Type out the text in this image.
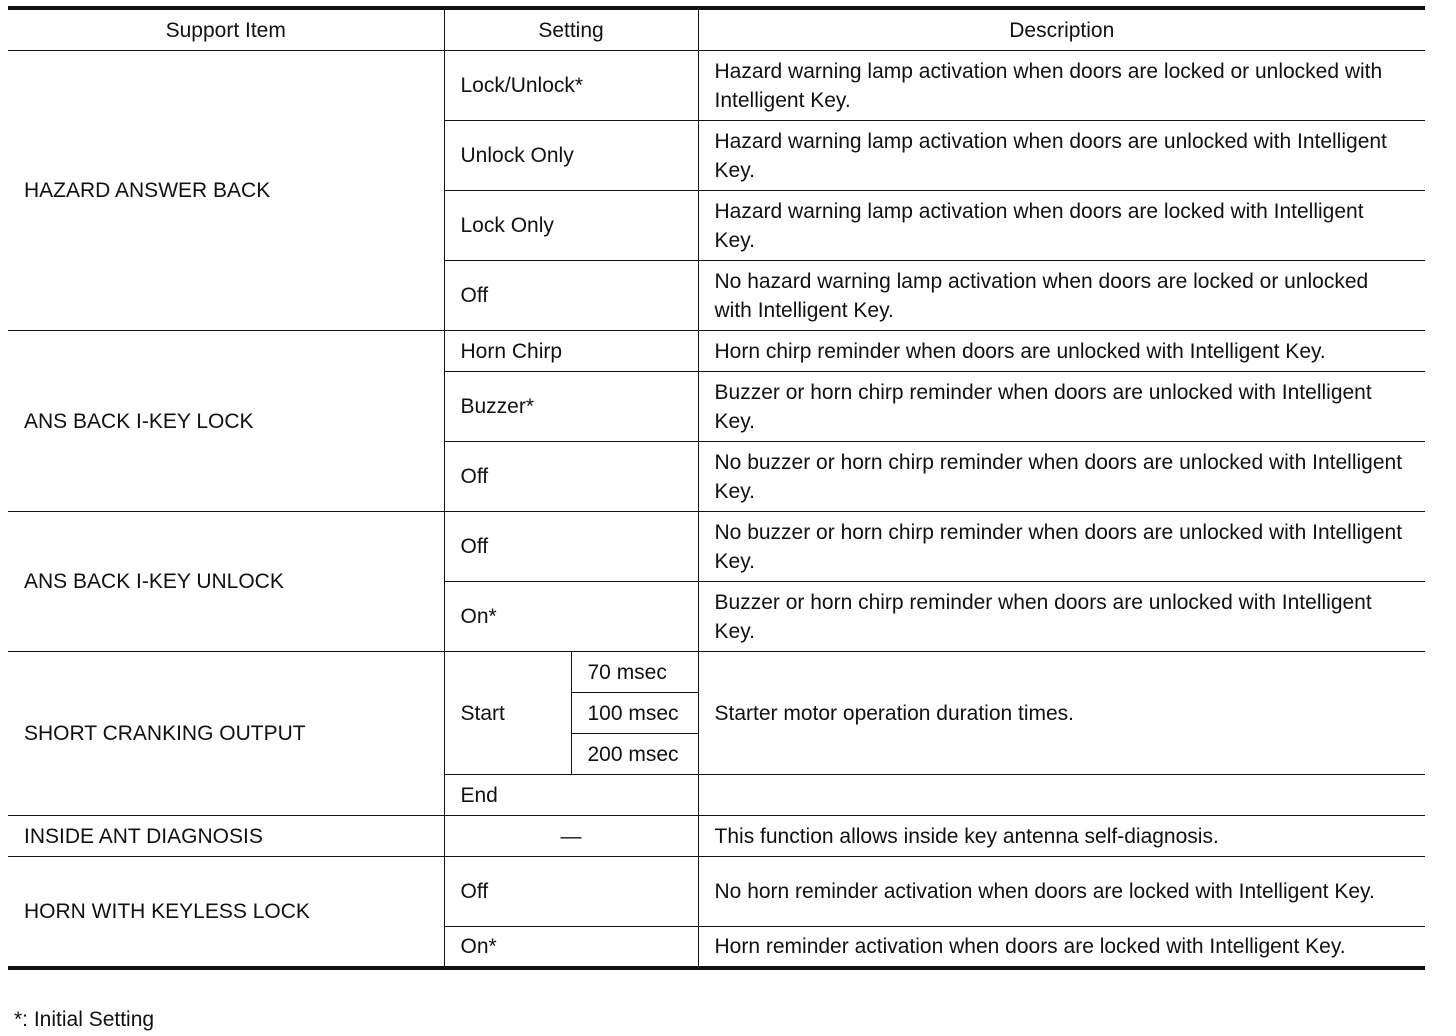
Support Item	Setting		Description
HAZARD ANSWER BACK	Lock/Unlock*		Hazard warning lamp activation when doors are locked or unlocked with Intelligent Key.
	Unlock Only		Hazard warning lamp activation when doors are unlocked with Intelligent Key.
	Lock Only		Hazard warning lamp activation when doors are locked with Intelligent Key.
	Off		No hazard warning lamp activation when doors are locked or unlocked with Intelligent Key.
ANS BACK I-KEY LOCK	Horn Chirp		Horn chirp reminder when doors are unlocked with Intelligent Key.
	Buzzer*		Buzzer or horn chirp reminder when doors are unlocked with Intelligent Key.
	Off		No buzzer or horn chirp reminder when doors are unlocked with Intelligent Key.
ANS BACK I-KEY UNLOCK	Off		No buzzer or horn chirp reminder when doors are unlocked with Intelligent Key.
	On*		Buzzer or horn chirp reminder when doors are unlocked with Intelligent Key.
SHORT CRANKING OUTPUT	Start	70 msec	Starter motor operation duration times.
		100 msec	
		200 msec	
	End		
INSIDE ANT DIAGNOSIS	—		This function allows inside key antenna self-diagnosis.
HORN WITH KEYLESS LOCK	Off		No horn reminder activation when doors are locked with Intelligent Key.
	On*		Horn reminder activation when doors are locked with Intelligent Key.
*: Initial Setting
